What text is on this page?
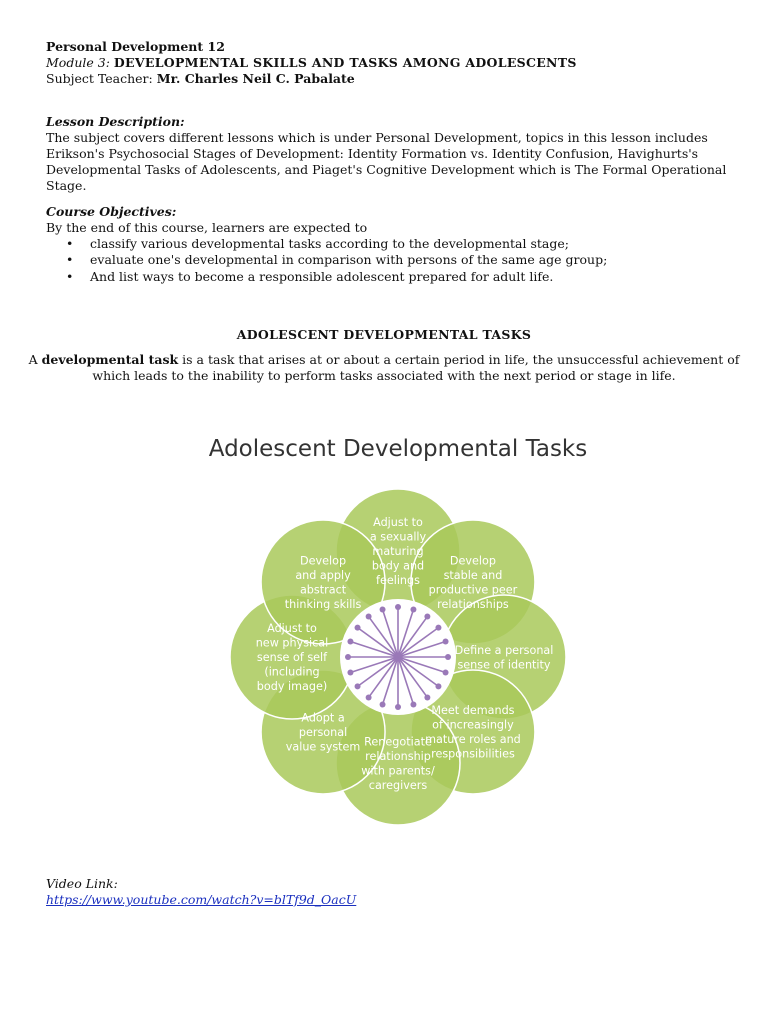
Personal Development 12
Module 3: DEVELOPMENTAL SKILLS AND TASKS AMONG ADOLESCENTS
Subject Teacher: Mr. Charles Neil C. Pabalate
Lesson Description:
The subject covers different lessons which is under Personal Development, topics in this lesson includes
Erikson's Psychosocial Stages of Development: Identity Formation vs. Identity Confusion, Havighurts's
Developmental Tasks of Adolescents, and Piaget's Cognitive Development which is The Formal Operational
Stage.
Course Objectives:
By the end of this course, learners are expected to
• classify various developmental tasks according to the developmental stage;
• evaluate one's developmental in comparison with persons of the same age group;
• And list ways to become a responsible adolescent prepared for adult life.
ADOLESCENT DEVELOPMENTAL TASKS
A developmental task is a task that arises at or about a certain period in life, the unsuccessful achievement of
which leads to the inability to perform tasks associated with the next period or stage in life.
Adolescent Developmental Tasks
Adjust to a sexually maturing body and feelings
Develop stable and productive peer relationships
Define a personal sense of identity
Meet demands of increasingly mature roles and responsibilities
Renegotiate relationship with parents/ caregivers
Adopt a personal value system
Adjust to new physical sense of self (including body image)
Develop and apply abstract thinking skills
Video Link:
https://www.youtube.com/watch?v=blTf9d_OacU
